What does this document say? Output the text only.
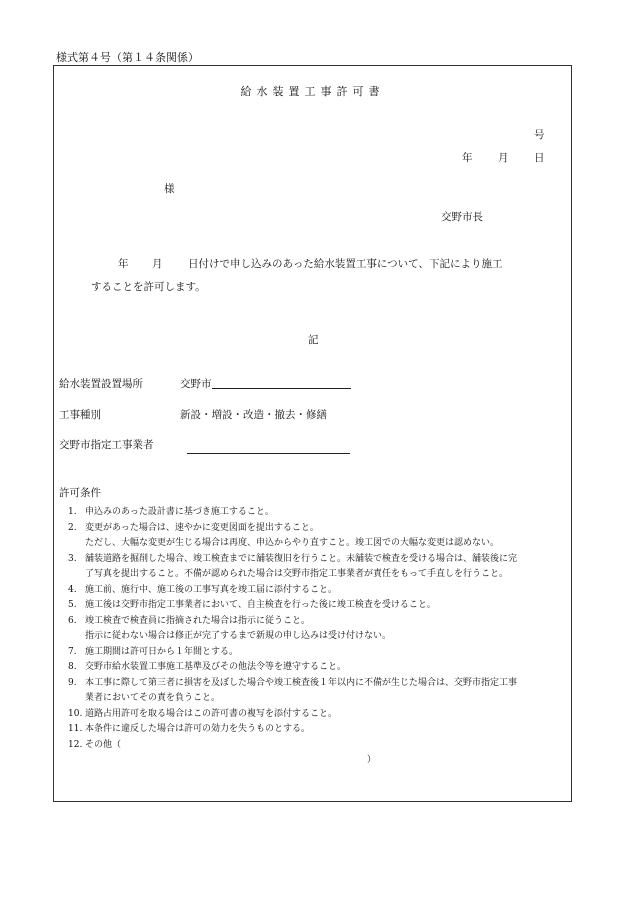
様式第４号（第１４条関係）
給水装置工事許可書
号
年 月 日
様
交野市長
年 月 日付けで申し込みのあった給水装置工事について、下記により施工
することを許可します。
記
給水装置設置場所	交野市
工事種別	新設・増設・改造・撤去・修繕
交野市指定工事業者
許可条件
1. 申込みのあった設計書に基づき施工すること。
2. 変更があった場合は、速やかに変更図面を提出すること。
ただし、大幅な変更が生じる場合は再度、申込からやり直すこと。竣工図での大幅な変更は認めない。
3. 舗装道路を掘削した場合、竣工検査までに舗装復旧を行うこと。未舗装で検査を受ける場合は、舗装後に完
了写真を提出すること。不備が認められた場合は交野市指定工事業者が責任をもって手直しを行うこと。
4. 施工前、施行中、施工後の工事写真を竣工届に添付すること。
5. 施工後は交野市指定工事業者において、自主検査を行った後に竣工検査を受けること。
6. 竣工検査で検査員に指摘された場合は指示に従うこと。
指示に従わない場合は修正が完了するまで新規の申し込みは受け付けない。
7. 施工期間は許可日から１年間とする。
8. 交野市給水装置工事施工基準及びその他法令等を遵守すること。
9. 本工事に際して第三者に損害を及ぼした場合や竣工検査後１年以内に不備が生じた場合は、交野市指定工事
業者においてその責を負うこと。
10. 道路占用許可を取る場合はこの許可書の複写を添付すること。
11. 本条件に違反した場合は許可の効力を失うものとする。
12. その他（
）
